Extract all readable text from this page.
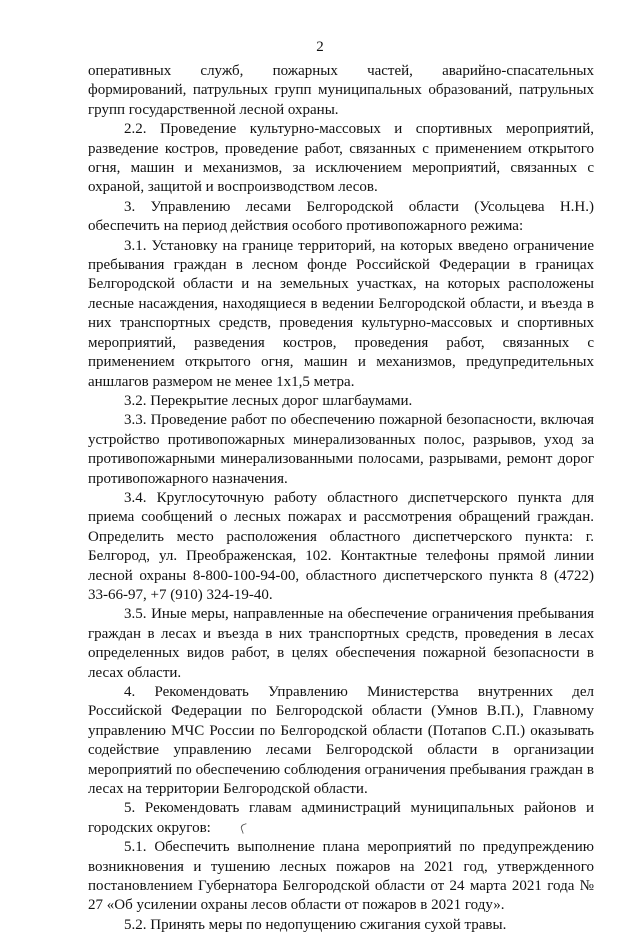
2

оперативных служб, пожарных частей, аварийно-спасательных формирований, патрульных групп муниципальных образований, патрульных групп государственной лесной охраны.

2.2. Проведение культурно-массовых и спортивных мероприятий, разведение костров, проведение работ, связанных с применением открытого огня, машин и механизмов, за исключением мероприятий, связанных с охраной, защитой и воспроизводством лесов.

3. Управлению лесами Белгородской области (Усольцева Н.Н.) обеспечить на период действия особого противопожарного режима:

3.1. Установку на границе территорий, на которых введено ограничение пребывания граждан в лесном фонде Российской Федерации в границах Белгородской области и на земельных участках, на которых расположены лесные насаждения, находящиеся в ведении Белгородской области, и въезда в них транспортных средств, проведения культурно-массовых и спортивных мероприятий, разведения костров, проведения работ, связанных с применением открытого огня, машин и механизмов, предупредительных аншлагов размером не менее 1х1,5 метра.

3.2. Перекрытие лесных дорог шлагбаумами.

3.3. Проведение работ по обеспечению пожарной безопасности, включая устройство противопожарных минерализованных полос, разрывов, уход за противопожарными минерализованными полосами, разрывами, ремонт дорог противопожарного назначения.

3.4. Круглосуточную работу областного диспетчерского пункта для приема сообщений о лесных пожарах и рассмотрения обращений граждан. Определить место расположения областного диспетчерского пункта: г. Белгород, ул. Преображенская, 102. Контактные телефоны прямой линии лесной охраны 8-800-100-94-00, областного диспетчерского пункта 8 (4722) 33-66-97, +7 (910) 324-19-40.

3.5. Иные меры, направленные на обеспечение ограничения пребывания граждан в лесах и въезда в них транспортных средств, проведения в лесах определенных видов работ, в целях обеспечения пожарной безопасности в лесах области.

4. Рекомендовать Управлению Министерства внутренних дел Российской Федерации по Белгородской области (Умнов В.П.), Главному управлению МЧС России по Белгородской области (Потапов С.П.) оказывать содействие управлению лесами Белгородской области в организации мероприятий по обеспечению соблюдения ограничения пребывания граждан в лесах на территории Белгородской области.

5. Рекомендовать главам администраций муниципальных районов и городских округов:

5.1. Обеспечить выполнение плана мероприятий по предупреждению возникновения и тушению лесных пожаров на 2021 год, утвержденного постановлением Губернатора Белгородской области от 24 марта 2021 года № 27 «Об усилении охраны лесов области от пожаров в 2021 году».

5.2. Принять меры по недопущению сжигания сухой травы.
